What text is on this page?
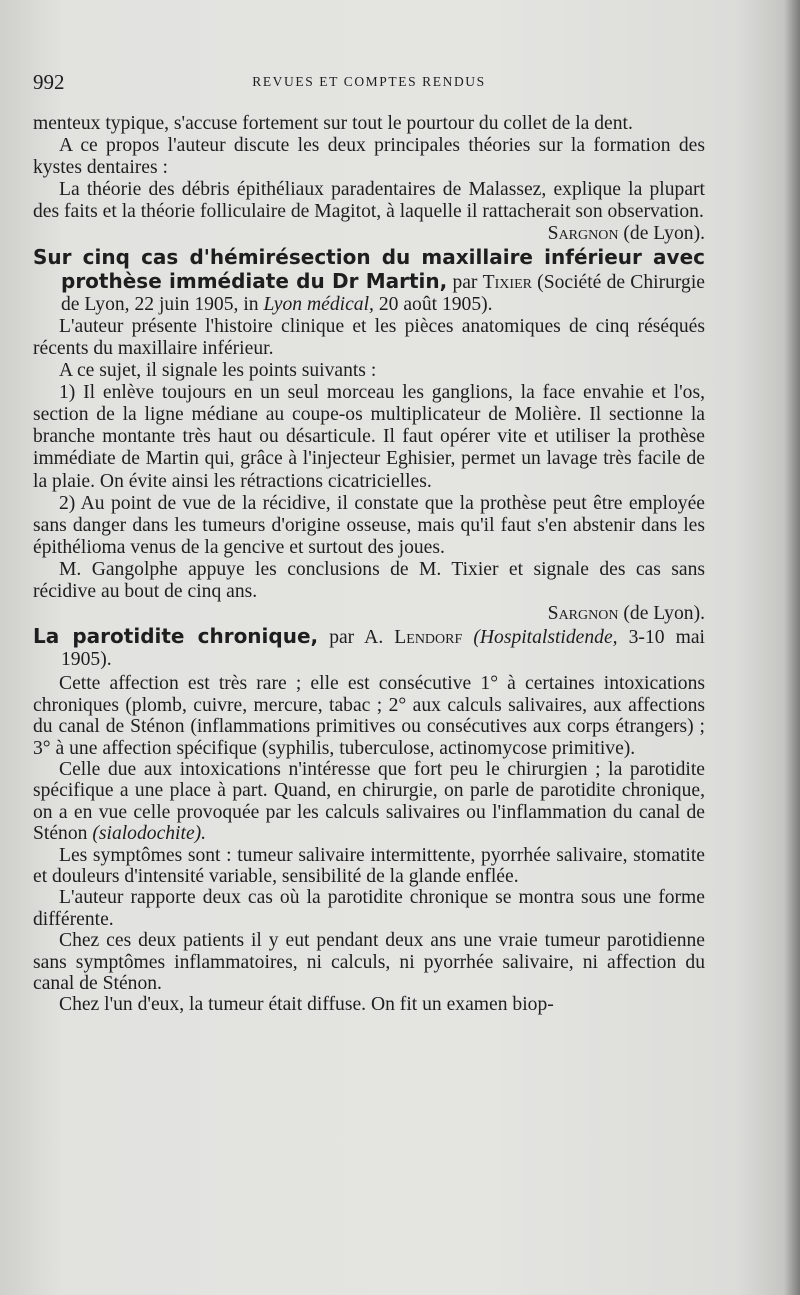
992	REVUES ET COMPTES RENDUS

menteux typique, s'accuse fortement sur tout le pourtour du collet de la dent.

A ce propos l'auteur discute les deux principales théories sur la formation des kystes dentaires :

La théorie des débris épithéliaux paradentaires de Malassez, explique la plupart des faits et la théorie folliculaire de Magitot, à laquelle il rattacherait son observation.

Sargnon (de Lyon).

Sur cinq cas d'hémirésection du maxillaire inférieur avec prothèse immédiate du Dr Martin, par Tixier (Société de Chirurgie de Lyon, 22 juin 1905, in Lyon médical, 20 août 1905).

L'auteur présente l'histoire clinique et les pièces anatomiques de cinq réséqués récents du maxillaire inférieur.

A ce sujet, il signale les points suivants :

1) Il enlève toujours en un seul morceau les ganglions, la face envahie et l'os, section de la ligne médiane au coupe-os multiplicateur de Molière. Il sectionne la branche montante très haut ou désarticule. Il faut opérer vite et utiliser la prothèse immédiate de Martin qui, grâce à l'injecteur Eghisier, permet un lavage très facile de la plaie. On évite ainsi les rétractions cicatricielles.

2) Au point de vue de la récidive, il constate que la prothèse peut être employée sans danger dans les tumeurs d'origine osseuse, mais qu'il faut s'en abstenir dans les épithélioma venus de la gencive et surtout des joues.

M. Gangolphe appuye les conclusions de M. Tixier et signale des cas sans récidive au bout de cinq ans.

Sargnon (de Lyon).

La parotidite chronique, par A. Lendorf (Hospitalstidende, 3-10 mai 1905).

Cette affection est très rare ; elle est consécutive 1° à certaines intoxications chroniques (plomb, cuivre, mercure, tabac ; 2° aux calculs salivaires, aux affections du canal de Sténon (inflammations primitives ou consécutives aux corps étrangers) ; 3° à une affection spécifique (syphilis, tuberculose, actinomycose primitive).

Celle due aux intoxications n'intéresse que fort peu le chirurgien ; la parotidite spécifique a une place à part. Quand, en chirurgie, on parle de parotidite chronique, on a en vue celle provoquée par les calculs salivaires ou l'inflammation du canal de Sténon (sialodochite).

Les symptômes sont : tumeur salivaire intermittente, pyorrhée salivaire, stomatite et douleurs d'intensité variable, sensibilité de la glande enflée.

L'auteur rapporte deux cas où la parotidite chronique se montra sous une forme différente.

Chez ces deux patients il y eut pendant deux ans une vraie tumeur parotidienne sans symptômes inflammatoires, ni calculs, ni pyorrhée salivaire, ni affection du canal de Sténon.

Chez l'un d'eux, la tumeur était diffuse. On fit un examen biop-
